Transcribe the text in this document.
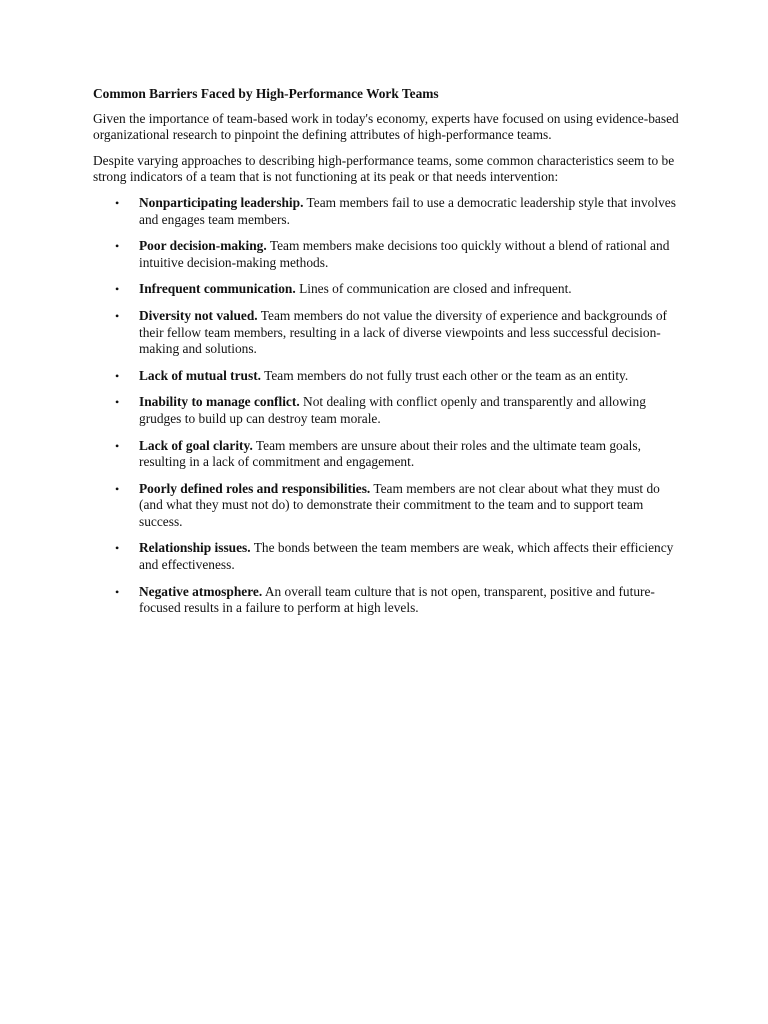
Common Barriers Faced by High-Performance Work Teams

Given the importance of team-based work in today's economy, experts have focused on using evidence-based organizational research to pinpoint the defining attributes of high-performance teams.

Despite varying approaches to describing high-performance teams, some common characteristics seem to be strong indicators of a team that is not functioning at its peak or that needs intervention:

• Nonparticipating leadership. Team members fail to use a democratic leadership style that involves and engages team members.
• Poor decision-making. Team members make decisions too quickly without a blend of rational and intuitive decision-making methods.
• Infrequent communication. Lines of communication are closed and infrequent.
• Diversity not valued. Team members do not value the diversity of experience and backgrounds of their fellow team members, resulting in a lack of diverse viewpoints and less successful decision-making and solutions.
• Lack of mutual trust. Team members do not fully trust each other or the team as an entity.
• Inability to manage conflict. Not dealing with conflict openly and transparently and allowing grudges to build up can destroy team morale.
• Lack of goal clarity. Team members are unsure about their roles and the ultimate team goals, resulting in a lack of commitment and engagement.
• Poorly defined roles and responsibilities. Team members are not clear about what they must do (and what they must not do) to demonstrate their commitment to the team and to support team success.
• Relationship issues. The bonds between the team members are weak, which affects their efficiency and effectiveness.
• Negative atmosphere. An overall team culture that is not open, transparent, positive and future-focused results in a failure to perform at high levels.
